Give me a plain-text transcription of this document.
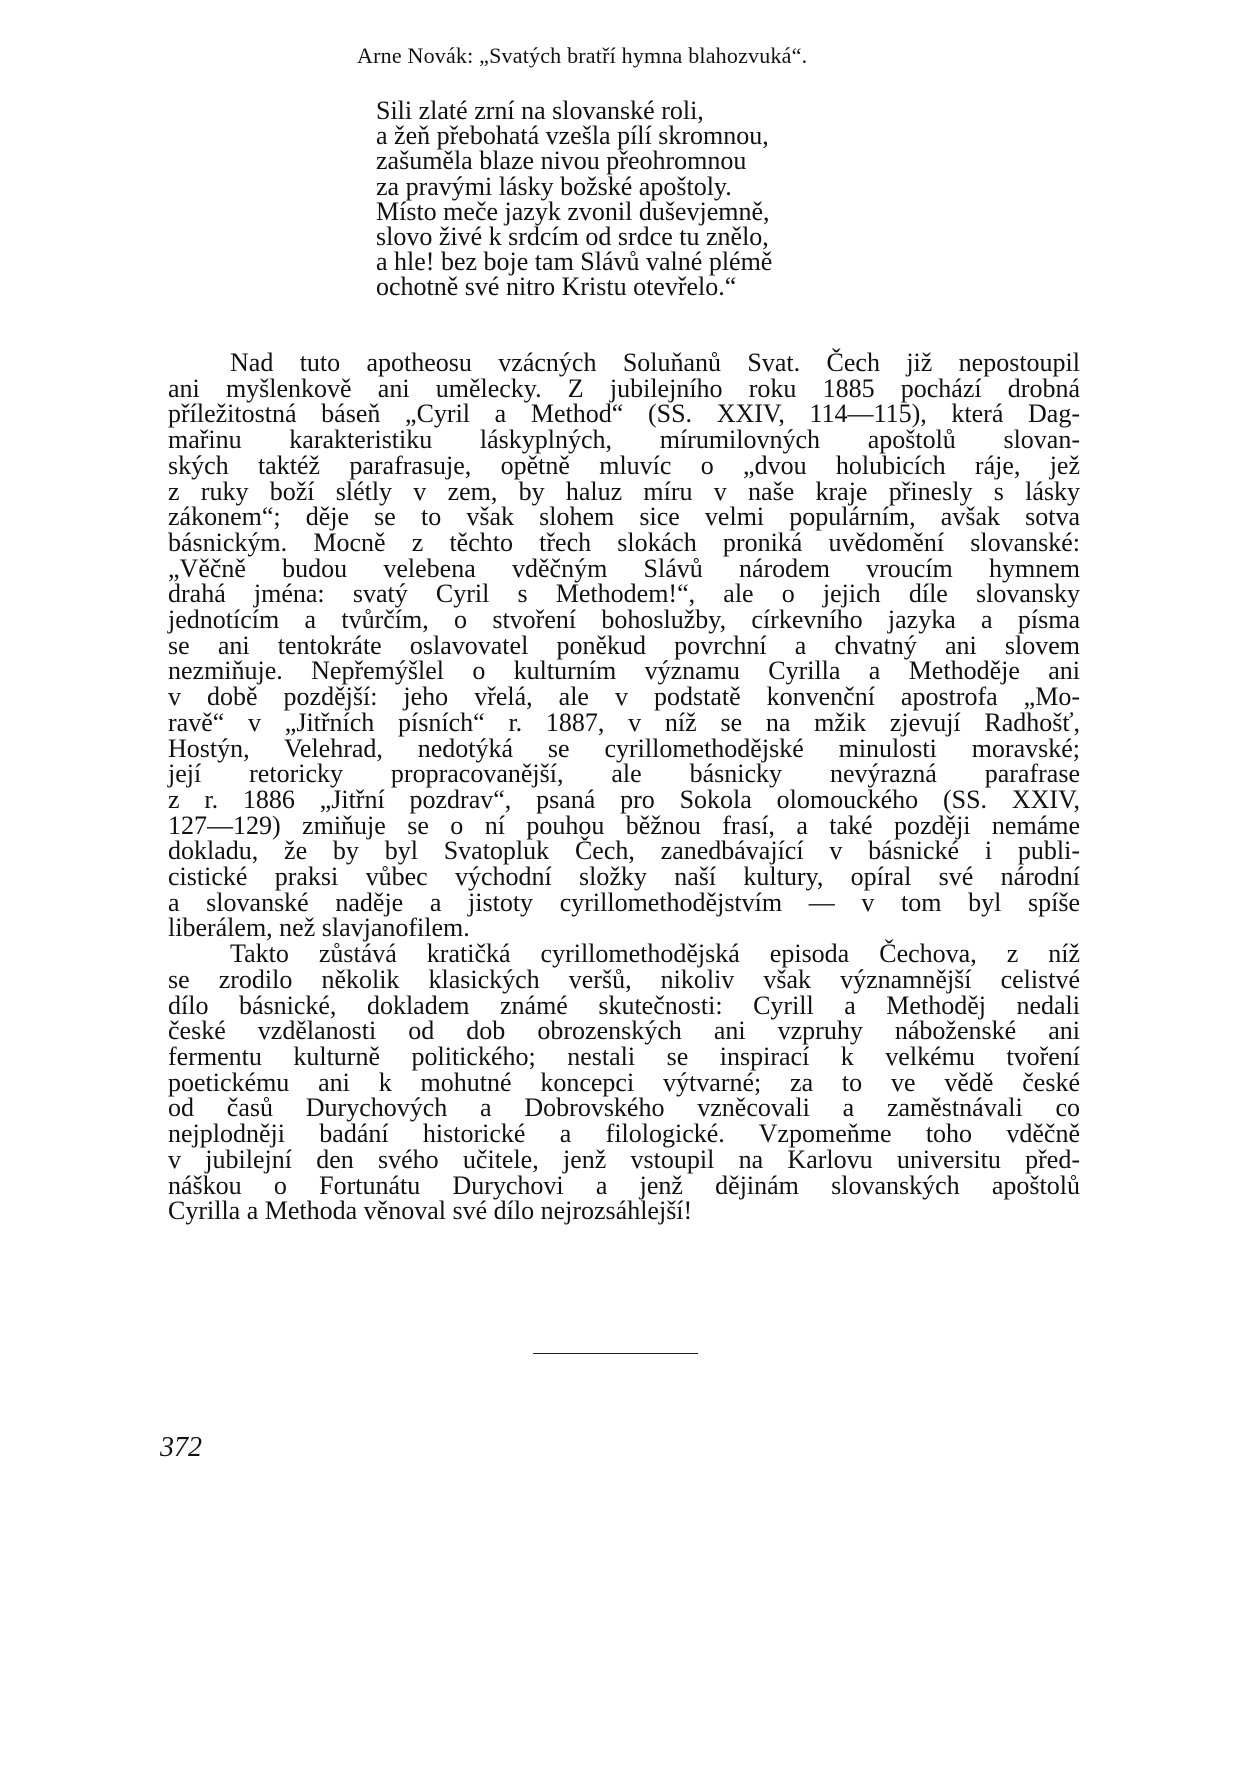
Arne Novák: „Svatých bratří hymna blahozvuká“.
Sili zlaté zrní na slovanské roli,
a žeň přebohatá vzešla pílí skromnou,
zašuměla blaze nivou přeohromnou
za pravými lásky božské apoštoly.
Místo meče jazyk zvonil duševjemně,
slovo živé k srdcím od srdce tu znělo,
a hle! bez boje tam Slávů valné plémě
ochotně své nitro Kristu otevřelo.“
Nad tuto apotheosu vzácných Soluňanů Svat. Čech již nepostoupil
ani myšlenkově ani umělecky. Z jubilejního roku 1885 pochází drobná
příležitostná báseň „Cyril a Method“ (SS. XXIV, 114—115), která Dag-
mařinu karakteristiku láskyplných, mírumilovných apoštolů slovan-
ských taktéž parafrasuje, opětně mluvíc o „dvou holubicích ráje, jež
z ruky boží slétly v zem, by haluz míru v naše kraje přinesly s lásky
zákonem“; děje se to však slohem sice velmi populárním, avšak sotva
básnickým. Mocně z těchto třech slokách proniká uvědomění slovanské:
„Věčně budou velebena vděčným Slávů národem vroucím hymnem
drahá jména: svatý Cyril s Methodem!“, ale o jejich díle slovansky
jednotícím a tvůrčím, o stvoření bohoslužby, církevního jazyka a písma
se ani tentokráte oslavovatel poněkud povrchní a chvatný ani slovem
nezmiňuje. Nepřemýšlel o kulturním významu Cyrilla a Methoděje ani
v době pozdější: jeho vřelá, ale v podstatě konvenční apostrofa „Mo-
ravě“ v „Jitřních písních“ r. 1887, v níž se na mžik zjevují Radhošť,
Hostýn, Velehrad, nedotýká se cyrillomethodějské minulosti moravské;
její retoricky propracovanější, ale básnicky nevýrazná parafrase
z r. 1886 „Jitřní pozdrav“, psaná pro Sokola olomouckého (SS. XXIV,
127—129) zmiňuje se o ní pouhou běžnou frasí, a také později nemáme
dokladu, že by byl Svatopluk Čech, zanedbávající v básnické i publi-
cistické praksi vůbec východní složky naší kultury, opíral své národní
a slovanské naděje a jistoty cyrillomethodějstvím — v tom byl spíše
liberálem, než slavjanofilem.
Takto zůstává kratičká cyrillomethodějská episoda Čechova, z níž
se zrodilo několik klasických veršů, nikoliv však významnější celistvé
dílo básnické, dokladem známé skutečnosti: Cyrill a Methoděj nedali
české vzdělanosti od dob obrozenských ani vzpruhy náboženské ani
fermentu kulturně politického; nestali se inspirací k velkému tvoření
poetickému ani k mohutné koncepci výtvarné; za to ve vědě české
od časů Durychových a Dobrovského vzněcovali a zaměstnávali co
nejplodněji badání historické a filologické. Vzpomeňme toho vděčně
v jubilejní den svého učitele, jenž vstoupil na Karlovu universitu před-
náškou o Fortunátu Durychovi a jenž dějinám slovanských apoštolů
Cyrilla a Methoda věnoval své dílo nejrozsáhlejší!
372
